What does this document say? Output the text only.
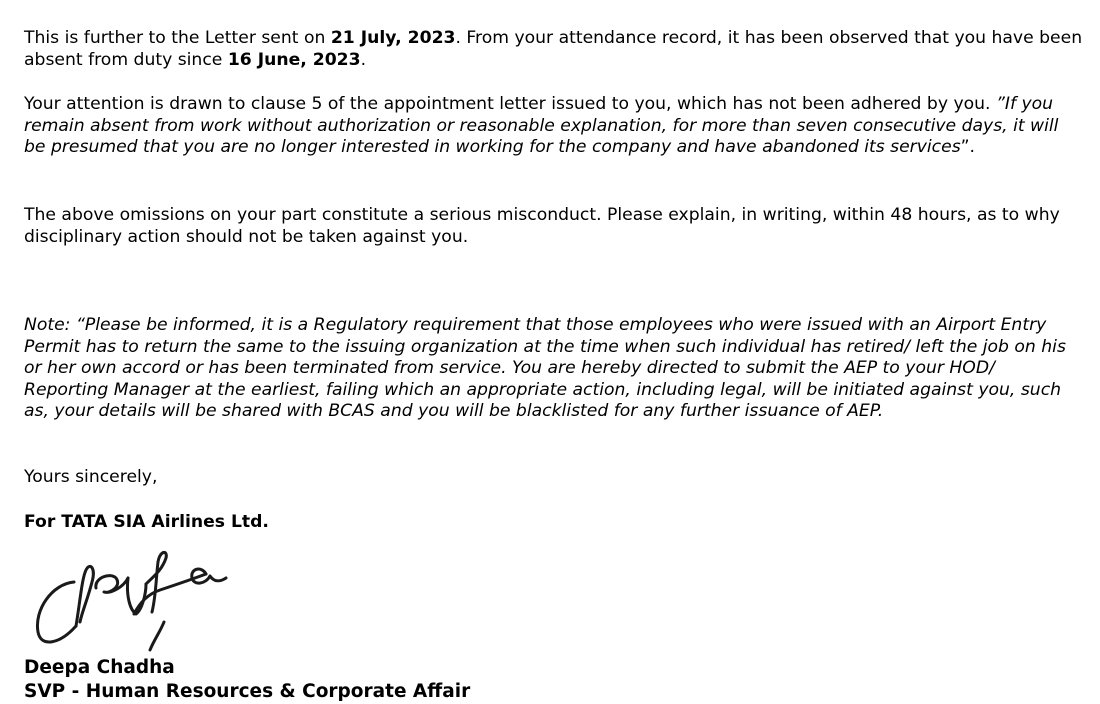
This is further to the Letter sent on 21 July, 2023. From your attendance record, it has been observed that you have been absent from duty since 16 June, 2023.

Your attention is drawn to clause 5 of the appointment letter issued to you, which has not been adhered by you. ”If you remain absent from work without authorization or reasonable explanation, for more than seven consecutive days, it will be presumed that you are no longer interested in working for the company and have abandoned its services”.

The above omissions on your part constitute a serious misconduct. Please explain, in writing, within 48 hours, as to why disciplinary action should not be taken against you.

Note: “Please be informed, it is a Regulatory requirement that those employees who were issued with an Airport Entry Permit has to return the same to the issuing organization at the time when such individual has retired/ left the job on his or her own accord or has been terminated from service. You are hereby directed to submit the AEP to your HOD/ Reporting Manager at the earliest, failing which an appropriate action, including legal, will be initiated against you, such as, your details will be shared with BCAS and you will be blacklisted for any further issuance of AEP.

Yours sincerely,

For TATA SIA Airlines Ltd.

Deepa Chadha

SVP - Human Resources & Corporate Affair
